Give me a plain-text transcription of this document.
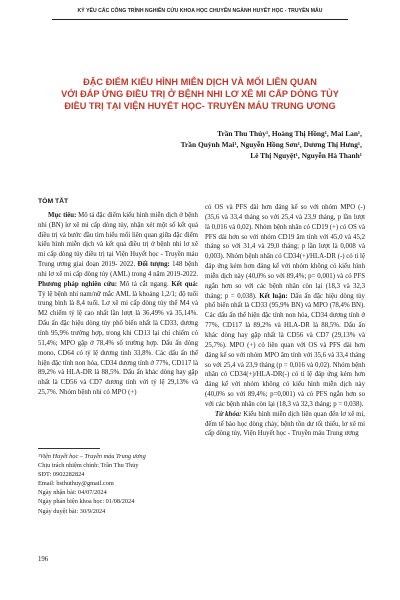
KỶ YẾU CÁC CÔNG TRÌNH NGHIÊN CỨU KHOA HỌC CHUYÊN NGÀNH HUYẾT HỌC - TRUYỀN MÁU
ĐẶC ĐIỂM KIỂU HÌNH MIỄN DỊCH VÀ MỐI LIÊN QUAN
VỚI ĐÁP ỨNG ĐIỀU TRỊ Ở BỆNH NHI LƠ XÊ MI CẤP DÒNG TỦY
ĐIỀU TRỊ TẠI VIỆN HUYẾT HỌC- TRUYỀN MÁU TRUNG ƯƠNG
Trần Thu Thủy¹, Hoàng Thị Hồng¹, Mai Lan¹,
Trần Quỳnh Mai¹, Nguyễn Hồng Sơn¹, Dương Thị Hưng¹,
Lê Thị Nguyệt¹, Nguyễn Hà Thanh¹

TÓM TẮT

Mục tiêu: Mô tả đặc điểm kiểu hình miễn dịch ở bệnh nhi (BN) lơ xê mi cấp dòng tủy, nhận xét một số kết quả điều trị và bước đầu tìm hiểu mối liên quan giữa đặc điểm kiểu hình miễn dịch và kết quả điều trị ở bệnh nhi lơ xê mi cấp dòng tủy điều trị tại Viện Huyết học - Truyền máu Trung ương giai đoạn 2019- 2022. Đối tượng: 148 bệnh nhi lơ xê mi cấp dòng tủy (AML) trong 4 năm 2019-2022. Phương pháp nghiên cứu: Mô tả cắt ngang. Kết quả: Tỷ lệ bệnh nhi nam/nữ mắc AML là khoảng 1,2/1; độ tuổi trung bình là 8,4 tuổi. Lơ xê mi cấp dòng tủy thể M4 và M2 chiếm tỷ lệ cao nhất lần lượt là 36,49% và 35,14%. Dấu ấn đặc hiệu dòng tủy phổ biến nhất là CD33, dương tính 95,9% trường hợp, trong khi CD13 lại chỉ chiếm có 51,4%; MPO gặp ở 78,4% số trường hợp. Dấu ấn dòng mono, CD64 có tỷ lệ dương tính 33,8%. Các dấu ấn thể hiện đặc tính non hóa, CD34 dương tính ở 77%, CD117 là 89,2% và HLA-DR là 88,5%. Dấu ấn khác dòng hay gặp nhất là CD56 và CD7 dương tính với tỷ lệ 29,13% và 25,7%. Nhóm bệnh nhi có MPO (+)

¹Viện Huyết học – Truyền máu Trung ương
Chịu trách nhiệm chính: Trần Thu Thủy
SĐT: 0902282824
Email: bsthuthuy@gmail.com
Ngày nhận bài: 04/07/2024
Ngày phản biện khoa học: 01/08/2024
Ngày duyệt bài: 30/9/2024

có OS và PFS dài hơn đáng kể so với nhóm MPO (-) (35,6 và 33,4 tháng so với 25,4 và 23,9 tháng, p lần lượt là 0,016 và 0,02). Nhóm bệnh nhân có CD19 (+) có OS và PFS dài hơn so với nhóm CD19 âm tính với 45,0 và 45,2 tháng so với 31,4 và 29,0 tháng; p lần lượt là 0,008 và 0,003). Nhóm bệnh nhân có CD34(+)/HLA-DR (-) có tỉ lệ đáp ứng kém hơn đáng kể với nhóm không có kiểu hình miễn dịch này (40,0% so với 89,4%; p= 0,001) và có PFS ngắn hơn so với các bệnh nhân còn lại (18,3 và 32,3 tháng; p = 0,038). Kết luận: Dấu ấn đặc hiệu dòng tủy phổ biến nhất là CD33 (95,9% BN) và MPO (78,4% BN). Các dấu ấn thể hiện đặc tính non hóa, CD34 dương tính ở 77%, CD117 là 89,2% và HLA-DR là 88,5%. Dấu ấn khác dòng hay gặp nhất là CD56 và CD7 (29,13% và 25,7%). MPO (+) có liên quan với OS và PFS dài hơn đáng kể so với nhóm MPO âm tính với 35,6 và 33,4 tháng so với 25,4 và 23,9 tháng (p = 0,016 và 0,02). Nhóm bệnh nhân có CD34(+)/HLA-DR(-) có tỉ lệ đáp ứng kém hơn đáng kể với nhóm không có kiểu hình miễn dịch này (40,0% so với 89,4%; p=0,001) và có PFS ngắn hơn so với các bệnh nhân còn lại (18,3 và 32,3 tháng; p = 0,038).

Từ khóa: Kiểu hình miễn dịch liên quan đến lơ xê mi, đếm tế bào học dòng chảy, bệnh tồn dư tối thiểu, lơ xê mi cấp dòng tủy, Viện Huyết học - Truyền máu Trung ương

196
